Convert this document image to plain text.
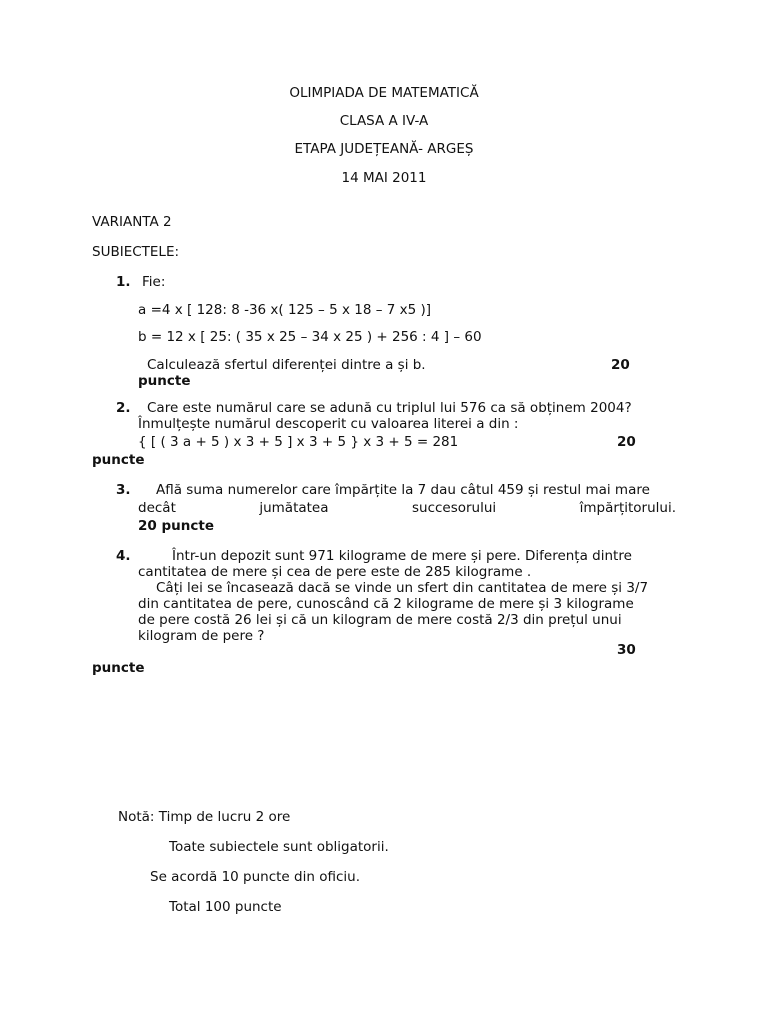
OLIMPIADA DE MATEMATICĂ
CLASA A IV-A
ETAPA JUDEȚEANĂ- ARGEȘ
14 MAI 2011
VARIANTA 2
SUBIECTELE:
1. Fie:
a =4 x [ 128: 8 -36 x( 125 – 5 x 18 – 7 x5 )]
b = 12 x [ 25: ( 35 x 25 – 34 x 25 ) + 256 : 4 ] – 60
Calculează sfertul diferenței dintre a și b.	20
puncte
2. Care este numărul care se adună cu triplul lui 576 ca să obținem 2004?
Înmulțește numărul descoperit cu valoarea literei a din :
{ [ ( 3 a + 5 ) x 3 + 5 ] x 3 + 5 } x 3 + 5 = 281	20
puncte
3. Află suma numerelor care împărțite la 7 dau câtul 459 și restul mai mare
decât jumătatea succesorului împărțitorului.
20 puncte
4.	Într-un depozit sunt 971 kilograme de mere și pere. Diferența dintre
cantitatea de mere și cea de pere este de 285 kilograme .
Câți lei se încasează dacă se vinde un sfert din cantitatea de mere și 3/7
din cantitatea de pere, cunoscând că 2 kilograme de mere și 3 kilograme
de pere costă 26 lei și că un kilogram de mere costă 2/3 din prețul unui
kilogram de pere ?
30
puncte
Notă: Timp de lucru 2 ore
Toate subiectele sunt obligatorii.
Se acordă 10 puncte din oficiu.
Total 100 puncte
